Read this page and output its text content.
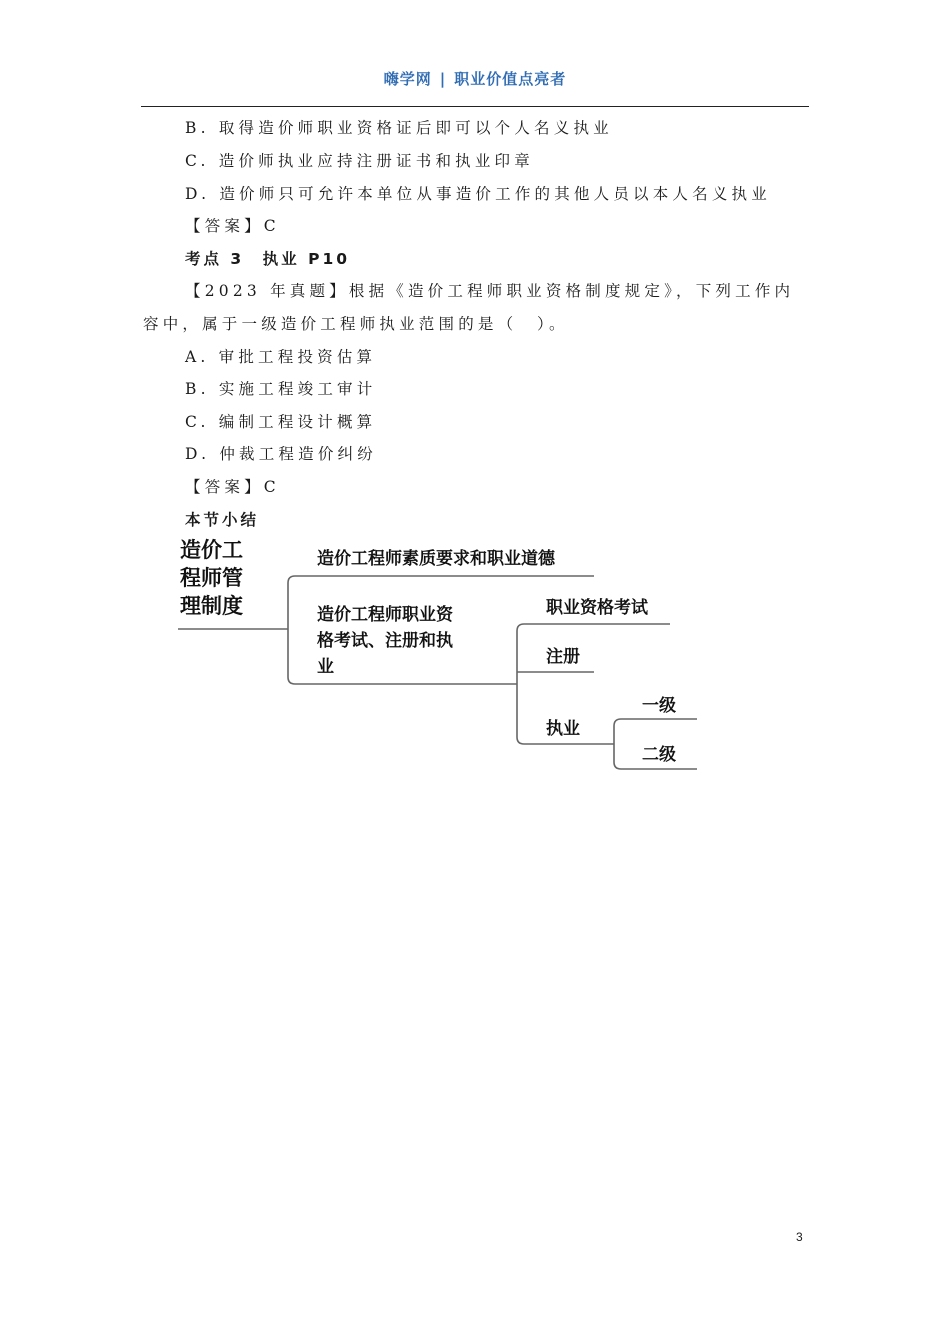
嗨学网 | 职业价值点亮者
B. 取得造价师职业资格证后即可以个人名义执业
C. 造价师执业应持注册证书和执业印章
D. 造价师只可允许本单位从事造价工作的其他人员以本人名义执业
【答案】C
考点 3　执业 P10
【2023 年真题】根据《造价工程师职业资格制度规定》，下列工作内
容中，属于一级造价工程师执业范围的是（　）。
A. 审批工程投资估算
B. 实施工程竣工审计
C. 编制工程设计概算
D. 仲裁工程造价纠纷
【答案】C
本节小结
造价工
程师管
理制度
造价工程师素质要求和职业道德
造价工程师职业资
格考试、注册和执
业
职业资格考试
注册
执业
一级
二级
3
